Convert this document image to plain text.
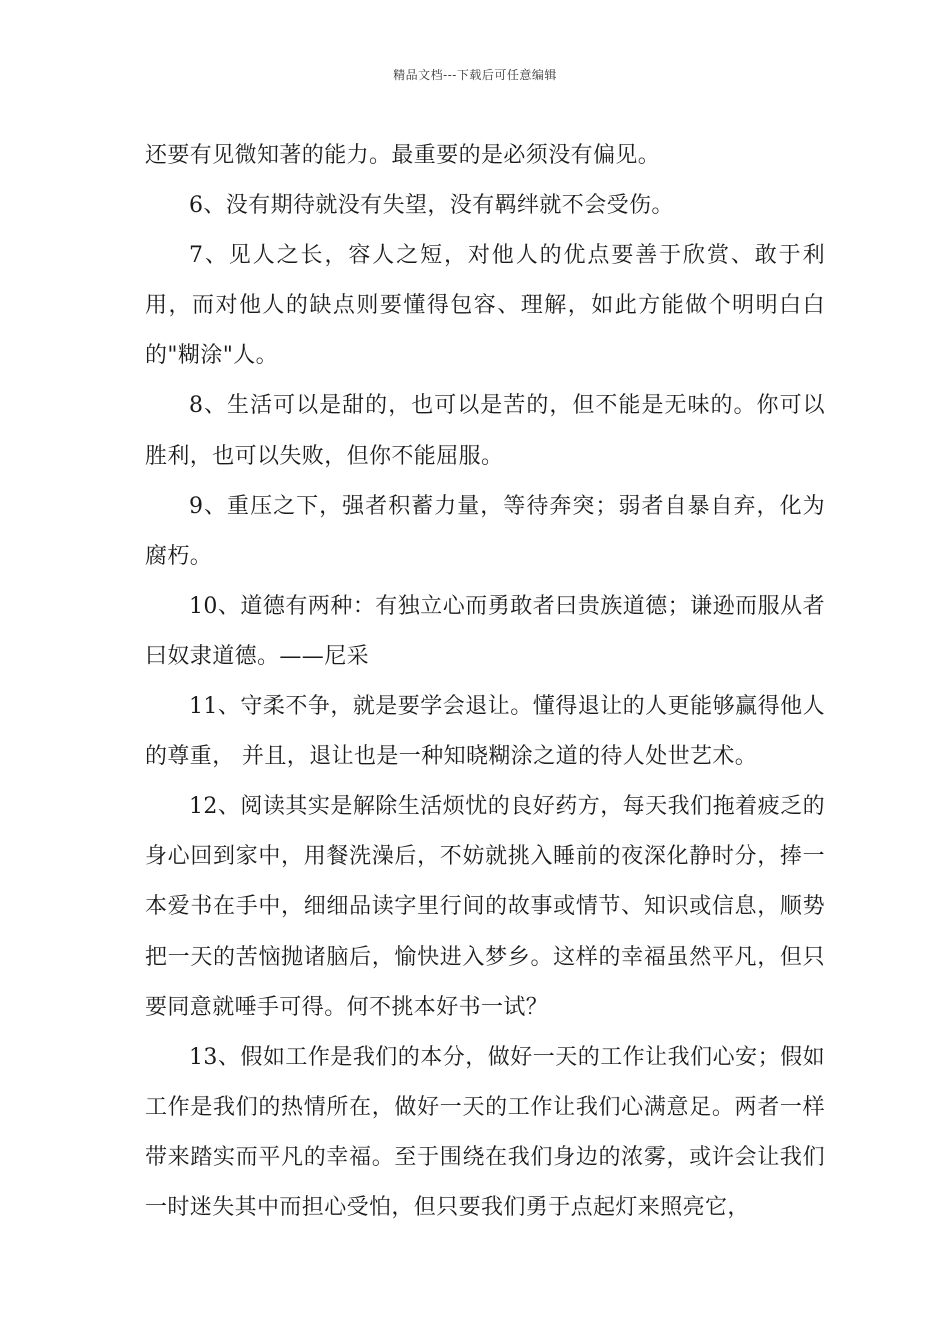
精品文档---下载后可任意编辑

还要有见微知著的能力。最重要的是必须没有偏见。

6、没有期待就没有失望，没有羁绊就不会受伤。

7、见人之长，容人之短，对他人的优点要善于欣赏、敢于利用，而对他人的缺点则要懂得包容、理解，如此方能做个明明白白的"糊涂"人。

8、生活可以是甜的，也可以是苦的，但不能是无味的。你可以胜利，也可以失败，但你不能屈服。

9、重压之下，强者积蓄力量，等待奔突；弱者自暴自弃，化为腐朽。

10、道德有两种：有独立心而勇敢者曰贵族道德；谦逊而服从者曰奴隶道德。——尼采

11、守柔不争，就是要学会退让。懂得退让的人更能够赢得他人的尊重， 并且，退让也是一种知晓糊涂之道的待人处世艺术。

12、阅读其实是解除生活烦忧的良好药方，每天我们拖着疲乏的身心回到家中，用餐洗澡后，不妨就挑入睡前的夜深化静时分，捧一本爱书在手中，细细品读字里行间的故事或情节、知识或信息，顺势把一天的苦恼抛诸脑后，愉快进入梦乡。这样的幸福虽然平凡，但只要同意就唾手可得。何不挑本好书一试？

13、假如工作是我们的本分，做好一天的工作让我们心安；假如工作是我们的热情所在，做好一天的工作让我们心满意足。两者一样带来踏实而平凡的幸福。至于围绕在我们身边的浓雾，或许会让我们一时迷失其中而担心受怕，但只要我们勇于点起灯来照亮它，
